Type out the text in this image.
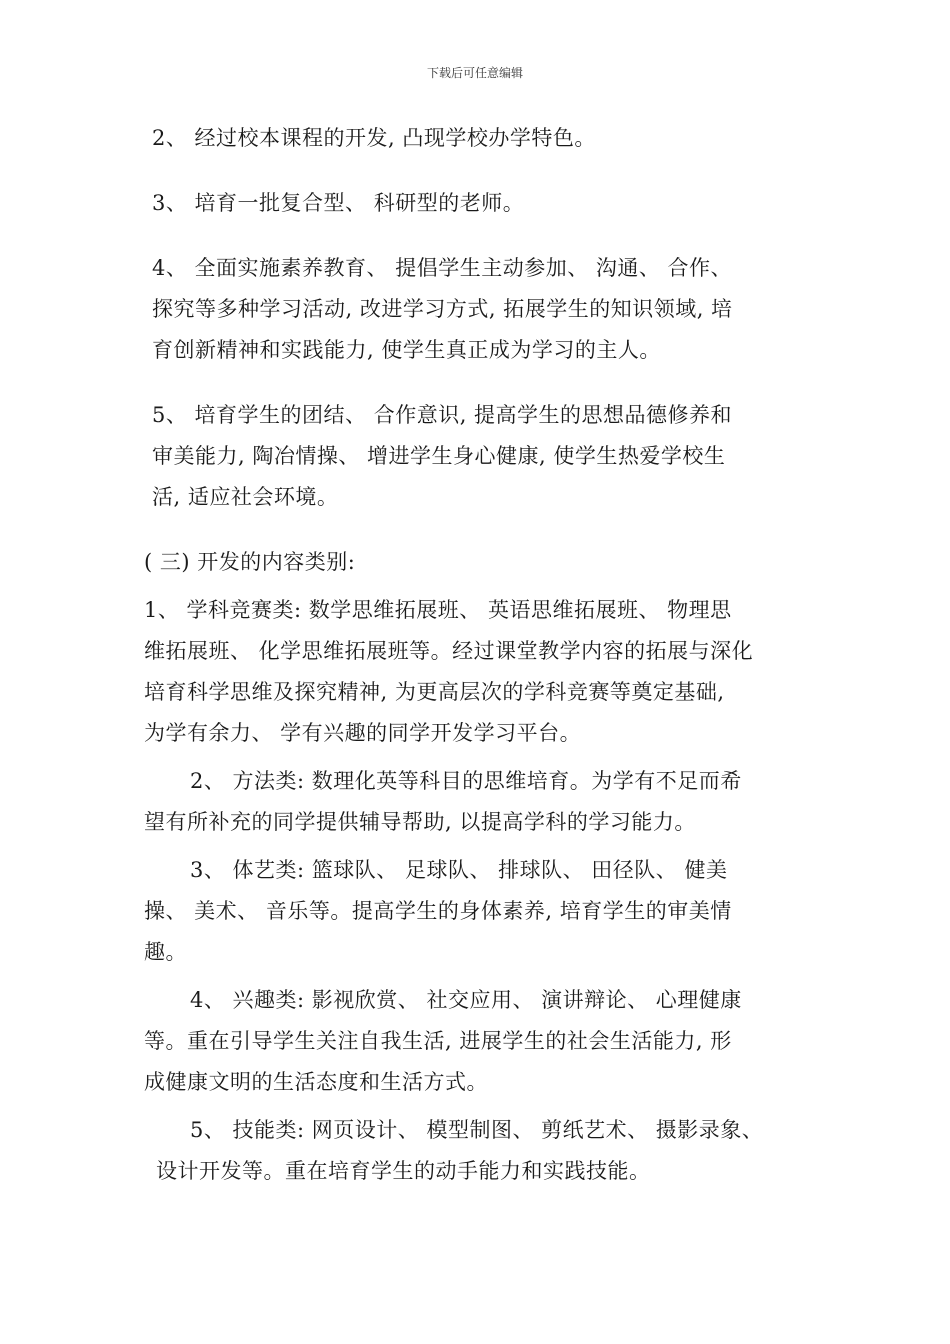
下载后可任意编辑
2、 经过校本课程的开发, 凸现学校办学特色。
3、 培育一批复合型、 科研型的老师。
4、 全面实施素养教育、 提倡学生主动参加、 沟通、 合作、
探究等多种学习活动, 改进学习方式, 拓展学生的知识领域, 培
育创新精神和实践能力, 使学生真正成为学习的主人。
5、 培育学生的团结、 合作意识, 提高学生的思想品德修养和
审美能力, 陶冶情操、 增进学生身心健康, 使学生热爱学校生
活, 适应社会环境。
( 三) 开发的内容类别:
1、 学科竞赛类: 数学思维拓展班、 英语思维拓展班、 物理思
维拓展班、 化学思维拓展班等。经过课堂教学内容的拓展与深化
培育科学思维及探究精神, 为更高层次的学科竞赛等奠定基础,
为学有余力、 学有兴趣的同学开发学习平台。
2、 方法类: 数理化英等科目的思维培育。为学有不足而希
望有所补充的同学提供辅导帮助, 以提高学科的学习能力。
3、 体艺类: 篮球队、 足球队、 排球队、 田径队、 健美
操、 美术、 音乐等。提高学生的身体素养, 培育学生的审美情
趣。
4、 兴趣类: 影视欣赏、 社交应用、 演讲辩论、 心理健康
等。重在引导学生关注自我生活, 进展学生的社会生活能力, 形
成健康文明的生活态度和生活方式。
5、 技能类: 网页设计、 模型制图、 剪纸艺术、 摄影录象、
设计开发等。重在培育学生的动手能力和实践技能。
